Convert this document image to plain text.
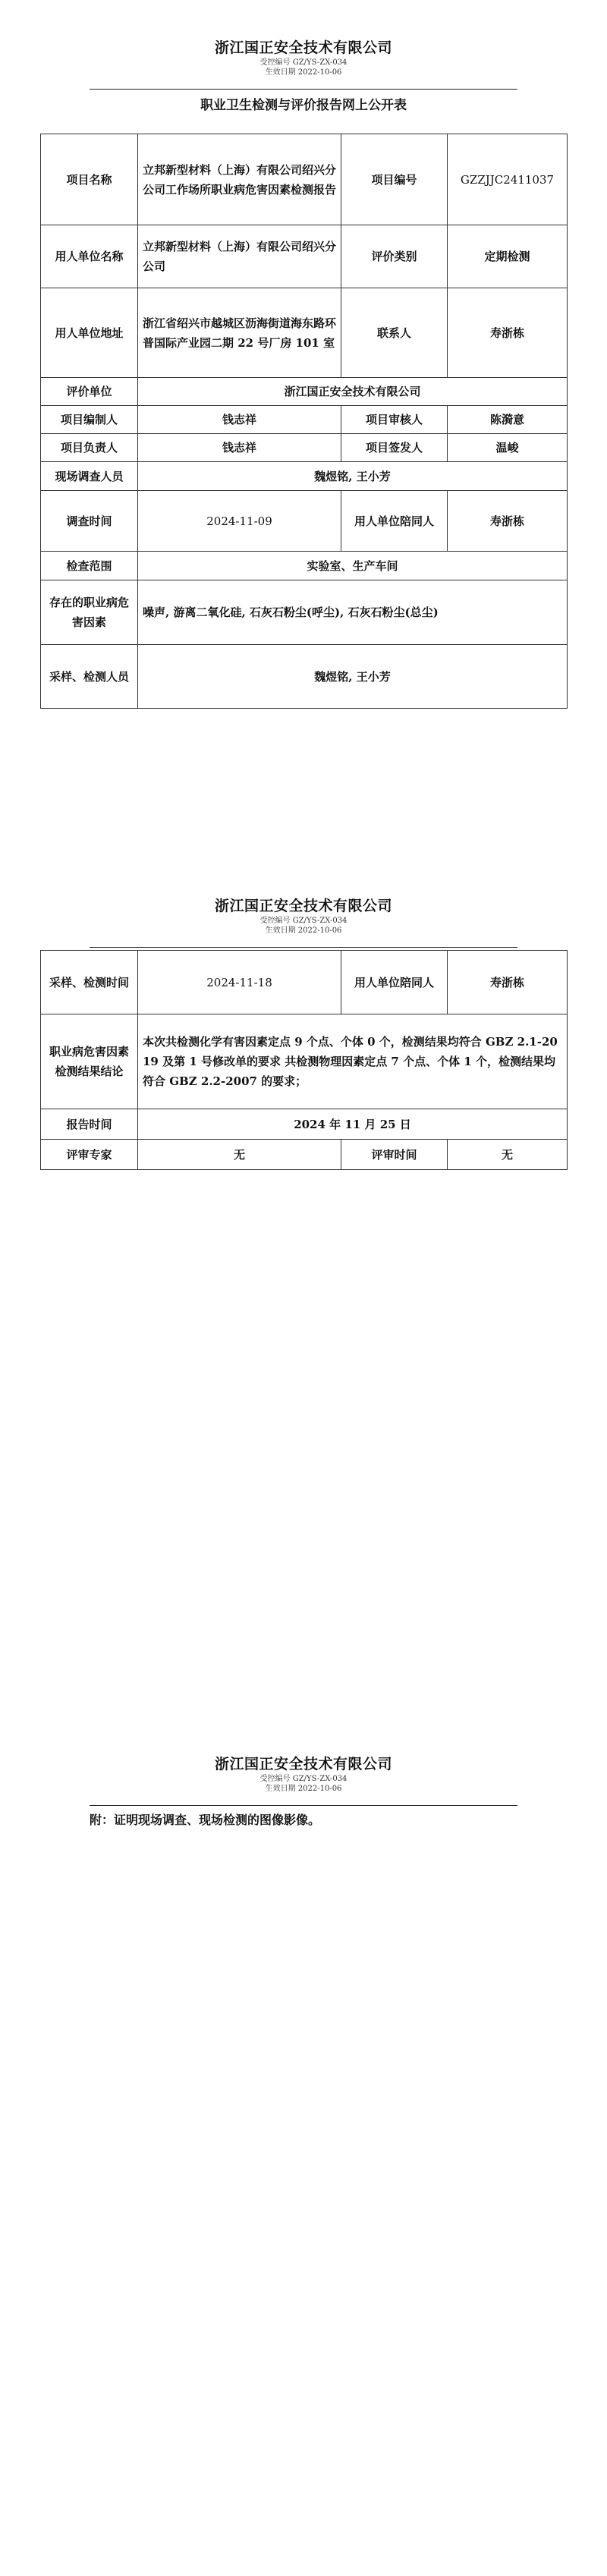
浙江国正安全技术有限公司
受控编号 GZ/YS-ZX-034
生效日期 2022-10-06
职业卫生检测与评价报告网上公开表
项目名称	立邦新型材料（上海）有限公司绍兴分公司工作场所职业病危害因素检测报告	项目编号	GZZJJC2411037
用人单位名称	立邦新型材料（上海）有限公司绍兴分公司	评价类别	定期检测
用人单位地址	浙江省绍兴市越城区沥海街道海东路环普国际产业园二期 22 号厂房 101 室	联系人	寿浙栋
评价单位	浙江国正安全技术有限公司		
项目编制人	钱志祥	项目审核人	陈漪意
项目负责人	钱志祥	项目签发人	温峻
现场调查人员	魏煜铭, 王小芳		
调查时间	2024-11-09	用人单位陪同人	寿浙栋
检查范围	实验室、生产车间		
存在的职业病危害因素	噪声, 游离二氧化硅, 石灰石粉尘(呼尘), 石灰石粉尘(总尘)		
采样、检测人员	魏煜铭, 王小芳		
浙江国正安全技术有限公司
受控编号 GZ/YS-ZX-034
生效日期 2022-10-06
采样、检测时间	2024-11-18	用人单位陪同人	寿浙栋
职业病危害因素检测结果结论	本次共检测化学有害因素定点 9 个点、个体 0 个，检测结果均符合 GBZ 2.1-2019 及第 1 号修改单的要求 共检测物理因素定点 7 个点、个体 1 个，检测结果均符合 GBZ 2.2-2007 的要求；		
报告时间	2024 年 11 月 25 日		
评审专家	无	评审时间	无
浙江国正安全技术有限公司
受控编号 GZ/YS-ZX-034
生效日期 2022-10-06
附：证明现场调查、现场检测的图像影像。
